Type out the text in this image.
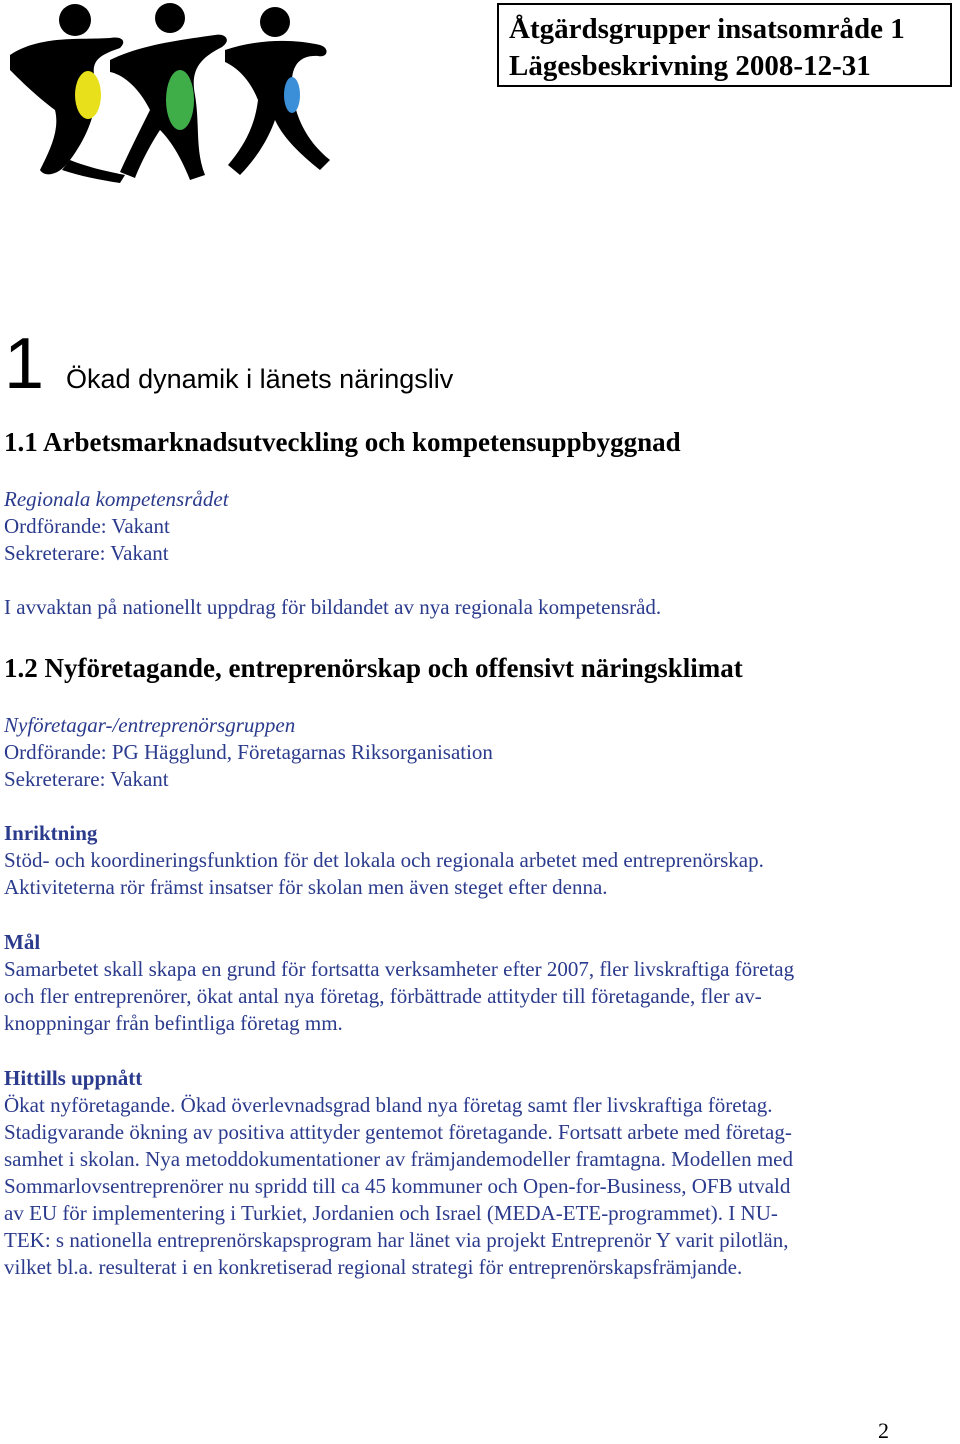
Åtgärdsgrupper insatsområde 1
Lägesbeskrivning 2008-12-31
1 Ökad dynamik i länets näringsliv
1.1 Arbetsmarknadsutveckling och kompetensuppbyggnad
Regionala kompetensrådet
Ordförande: Vakant
Sekreterare: Vakant
I avvaktan på nationellt uppdrag för bildandet av nya regionala kompetensråd.
1.2 Nyföretagande, entreprenörskap och offensivt näringsklimat
Nyföretagar-/entreprenörsgruppen
Ordförande: PG Hägglund, Företagarnas Riksorganisation
Sekreterare: Vakant
Inriktning
Stöd- och koordineringsfunktion för det lokala och regionala arbetet med entreprenörskap.
Aktiviteterna rör främst insatser för skolan men även steget efter denna.
Mål
Samarbetet skall skapa en grund för fortsatta verksamheter efter 2007, fler livskraftiga företag
och fler entreprenörer, ökat antal nya företag, förbättrade attityder till företagande, fler av-
knoppningar från befintliga företag mm.
Hittills uppnått
Ökat nyföretagande. Ökad överlevnadsgrad bland nya företag samt fler livskraftiga företag.
Stadigvarande ökning av positiva attityder gentemot företagande. Fortsatt arbete med företag-
samhet i skolan. Nya metoddokumentationer av främjandemodeller framtagna. Modellen med
Sommarlovsentreprenörer nu spridd till ca 45 kommuner och Open-for-Business, OFB utvald
av EU för implementering i Turkiet, Jordanien och Israel (MEDA-ETE-programmet). I NU-
TEK: s nationella entreprenörskapsprogram har länet via projekt Entreprenör Y varit pilotlän,
vilket bl.a. resulterat i en konkretiserad regional strategi för entreprenörskapsfrämjande.
2
